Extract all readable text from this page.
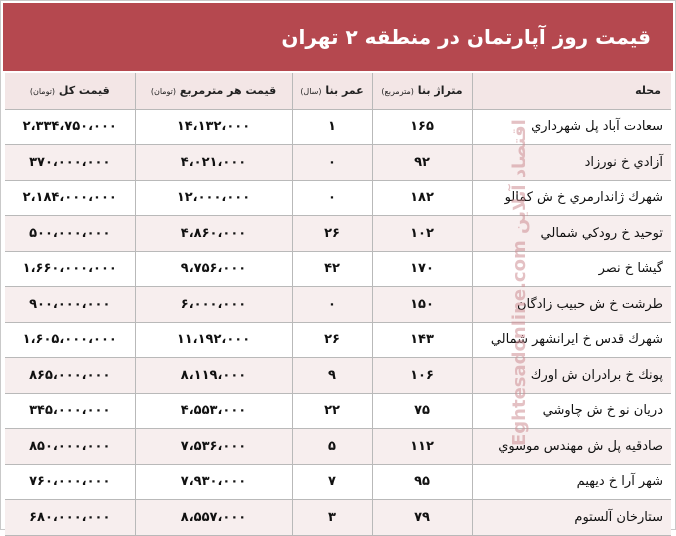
قیمت روز آپارتمان در منطقه ۲ تهران
قیمت کل (تومان)	قیمت هر مترمربع (تومان)	عمر بنا (سال)	متراژ بنا (مترمربع)	محله
۲،۳۳۴،۷۵۰،۰۰۰	۱۴،۱۳۲،۰۰۰	۱	۱۶۵	سعادت آباد پل شهرداري
۳۷۰،۰۰۰،۰۰۰	۴،۰۲۱،۰۰۰	۰	۹۲	آزادي خ نورزاد
۲،۱۸۴،۰۰۰،۰۰۰	۱۲،۰۰۰،۰۰۰	۰	۱۸۲	شهرك ژاندارمري خ ش كمالو
۵۰۰،۰۰۰،۰۰۰	۴،۸۶۰،۰۰۰	۲۶	۱۰۲	توحيد خ رودكي شمالي
۱،۶۶۰،۰۰۰،۰۰۰	۹،۷۵۶،۰۰۰	۴۲	۱۷۰	گيشا خ نصر
۹۰۰،۰۰۰،۰۰۰	۶،۰۰۰،۰۰۰	۰	۱۵۰	طرشت خ ش حبيب زادگان
۱،۶۰۵،۰۰۰،۰۰۰	۱۱،۱۹۲،۰۰۰	۲۶	۱۴۳	شهرك قدس خ ايرانشهر شمالي
۸۶۵،۰۰۰،۰۰۰	۸،۱۱۹،۰۰۰	۹	۱۰۶	پونك خ برادران ش اورك
۳۴۵،۰۰۰،۰۰۰	۴،۵۵۳،۰۰۰	۲۲	۷۵	دريان نو خ ش چاوشي
۸۵۰،۰۰۰،۰۰۰	۷،۵۳۶،۰۰۰	۵	۱۱۲	صادقيه پل ش مهندس موسوي
۷۶۰،۰۰۰،۰۰۰	۷،۹۳۰،۰۰۰	۷	۹۵	شهر آرا خ ديهيم
۶۸۰،۰۰۰،۰۰۰	۸،۵۵۷،۰۰۰	۳	۷۹	ستارخان آلستوم
Eghtesadonline.com اقتصاد آنلاین
